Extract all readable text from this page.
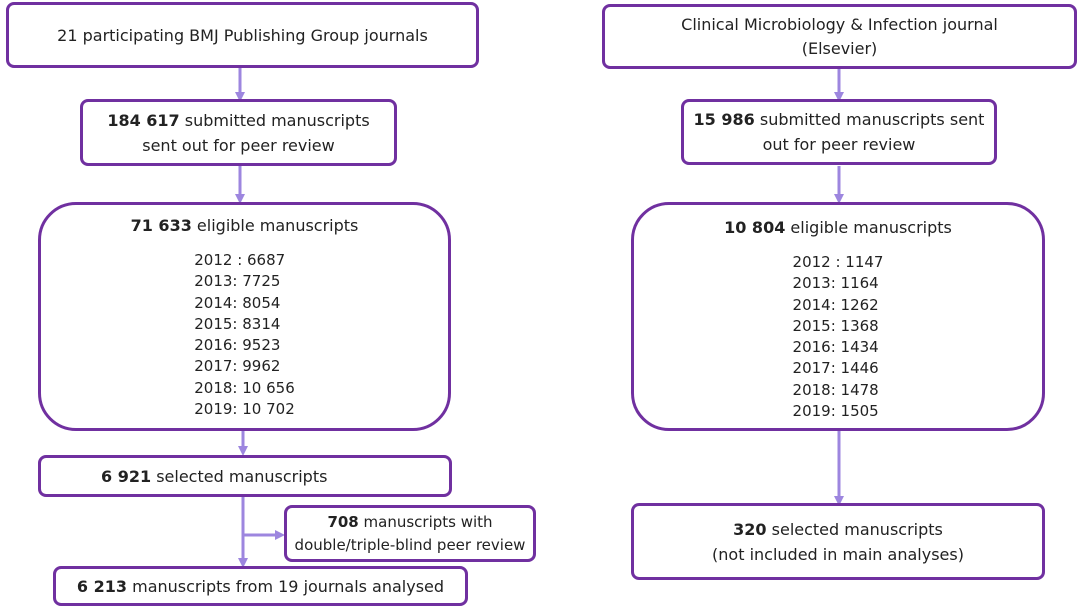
21 participating BMJ Publishing Group journals
184 617 submitted manuscripts sent out for peer review
71 633 eligible manuscripts
2012 : 6687
2013: 7725
2014: 8054
2015: 8314
2016: 9523
2017: 9962
2018: 10 656
2019: 10 702
6 921 selected manuscripts
708 manuscripts with
double/triple-blind peer review
6 213 manuscripts from 19 journals analysed
Clinical Microbiology & Infection journal
(Elsevier)
15 986 submitted manuscripts sent out for peer review
10 804 eligible manuscripts
2012 : 1147
2013: 1164
2014: 1262
2015: 1368
2016: 1434
2017: 1446
2018: 1478
2019: 1505
320 selected manuscripts
(not included in main analyses)
